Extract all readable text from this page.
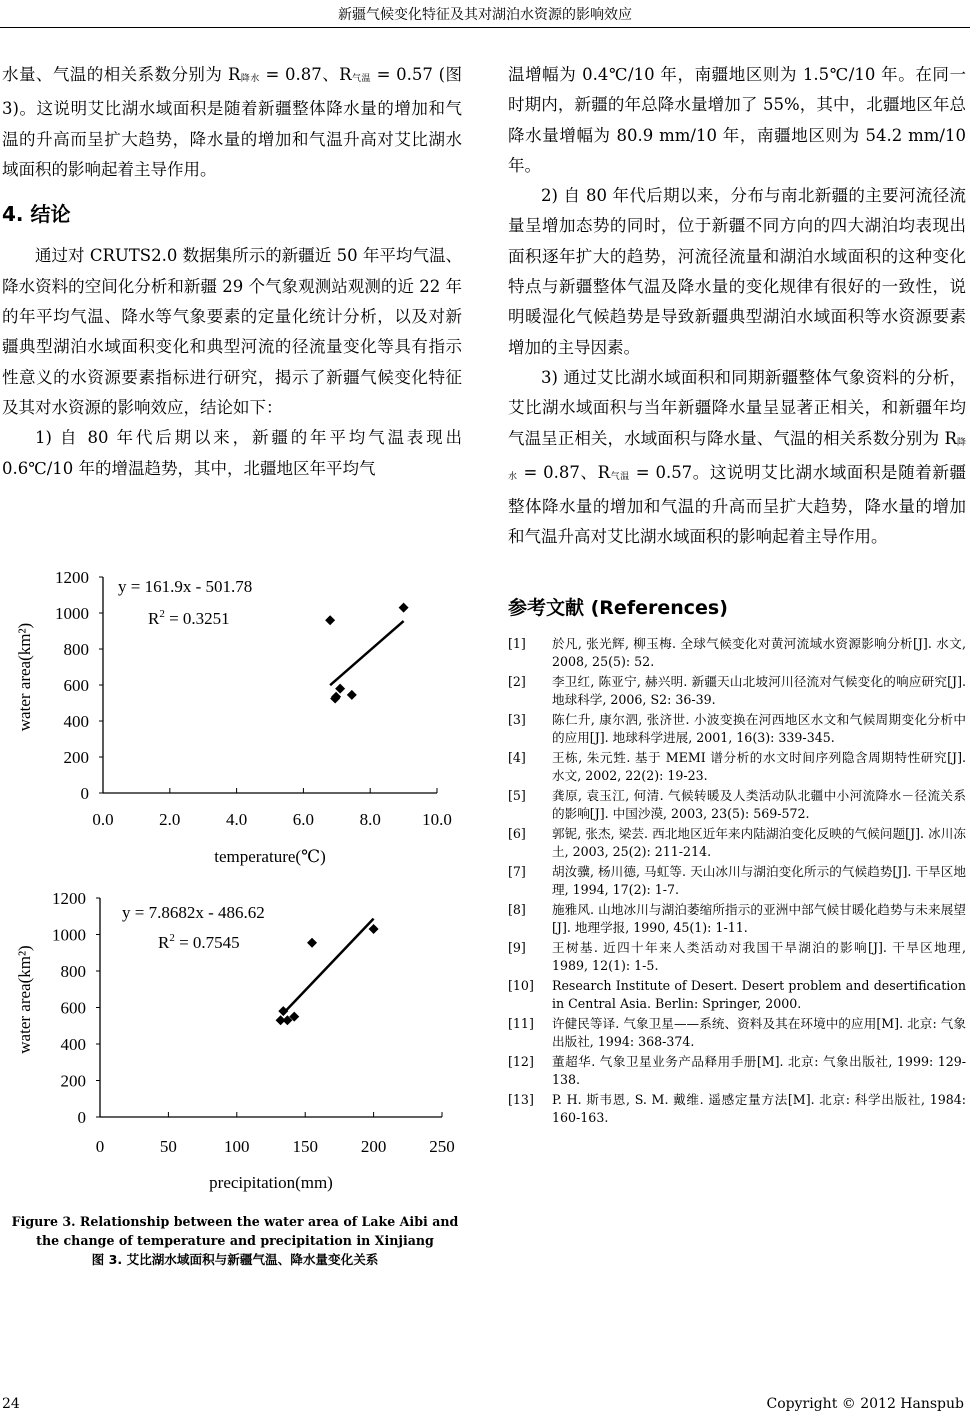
新疆气候变化特征及其对湖泊水资源的影响效应

水量、气温的相关系数分别为 R降水 = 0.87、R气温 = 0.57 (图 3)。这说明艾比湖水域面积是随着新疆整体降水量的增加和气温的升高而呈扩大趋势，降水量的增加和气温升高对艾比湖水域面积的影响起着主导作用。

4. 结论

通过对 CRUTS2.0 数据集所示的新疆近 50 年平均气温、降水资料的空间化分析和新疆 29 个气象观测站观测的近 22 年的年平均气温、降水等气象要素的定量化统计分析，以及对新疆典型湖泊水域面积变化和典型河流的径流量变化等具有指示性意义的水资源要素指标进行研究，揭示了新疆气候变化特征及其对水资源的影响效应，结论如下：

1) 自 80 年代后期以来，新疆的年平均气温表现出 0.6℃/10 年的增温趋势，其中，北疆地区年平均气

0
200
400
600
800
1000
1200
0.0	2.0	4.0	6.0	8.0 10.0
temperature(℃)
water area(km²)
y = 161.9x - 501.78
$R^2 = 0.3251$
0
200
400
600
800
1000
1200
0	50	100	150	200	250
precipitation(mm)
water area(km²)
y = 7.8682x - 486.62
$R^2 = 0.7545$
Figure 3. Relationship between the water area of Lake Aibi and the change of temperature and precipitation in Xinjiang
图 3. 艾比湖水域面积与新疆气温、降水量变化关系

温增幅为 0.4℃/10 年，南疆地区则为 1.5℃/10 年。在同一时期内，新疆的年总降水量增加了 55%，其中，北疆地区年总降水量增幅为 80.9 mm/10 年，南疆地区则为 54.2 mm/10 年。

2) 自 80 年代后期以来，分布与南北新疆的主要河流径流量呈增加态势的同时，位于新疆不同方向的四大湖泊均表现出面积逐年扩大的趋势，河流径流量和湖泊水域面积的这种变化特点与新疆整体气温及降水量的变化规律有很好的一致性，说明暖湿化气候趋势是导致新疆典型湖泊水域面积等水资源要素增加的主导因素。

3) 通过艾比湖水域面积和同期新疆整体气象资料的分析，艾比湖水域面积与当年新疆降水量呈显著正相关，和新疆年均气温呈正相关，水域面积与降水量、气温的相关系数分别为 R降水 = 0.87、R气温 = 0.57。这说明艾比湖水域面积是随着新疆整体降水量的增加和气温的升高而呈扩大趋势，降水量的增加和气温升高对艾比湖水域面积的影响起着主导作用。

参考文献 (References)
[1]	於凡, 张光辉, 柳玉梅. 全球气候变化对黄河流域水资源影响分析[J]. 水文, 2008, 25(5): 52.
[2]	李卫红, 陈亚宁, 赫兴明. 新疆天山北坡河川径流对气候变化的响应研究[J]. 地球科学, 2006, S2: 36-39.
[3]	陈仁升, 康尔泗, 张济世. 小波变换在河西地区水文和气候周期变化分析中的应用[J]. 地球科学进展, 2001, 16(3): 339-345.
[4]	王栋, 朱元甡. 基于 MEMI 谱分析的水文时间序列隐含周期特性研究[J]. 水文, 2002, 22(2): 19-23.
[5]	龚原, 袁玉江, 何清. 气候转暖及人类活动队北疆中小河流降水－径流关系的影响[J]. 中国沙漠, 2003, 23(5): 569-572.
[6]	郭铌, 张杰, 梁芸. 西北地区近年来内陆湖泊变化反映的气候问题[J]. 冰川冻土, 2003, 25(2): 211-214.
[7]	胡汝骥, 杨川德, 马虹等. 天山冰川与湖泊变化所示的气候趋势[J]. 干旱区地理, 1994, 17(2): 1-7.
[8]	施雅风. 山地冰川与湖泊萎缩所指示的亚洲中部气候甘暖化趋势与未来展望[J]. 地理学报, 1990, 45(1): 1-11.
[9]	王树基. 近四十年来人类活动对我国干旱湖泊的影响[J]. 干旱区地理, 1989, 12(1): 1-5.
[10]	Research Institute of Desert. Desert problem and desertification in Central Asia. Berlin: Springer, 2000.
[11]	许健民等译. 气象卫星——系统、资料及其在环境中的应用[M]. 北京: 气象出版社, 1994: 368-374.
[12]	董超华. 气象卫星业务产品释用手册[M]. 北京: 气象出版社, 1999: 129-138.
[13]	P. H. 斯韦恩, S. M. 戴维. 遥感定量方法[M]. 北京: 科学出版社, 1984: 160-163.
24	Copyright © 2012 Hanspub
